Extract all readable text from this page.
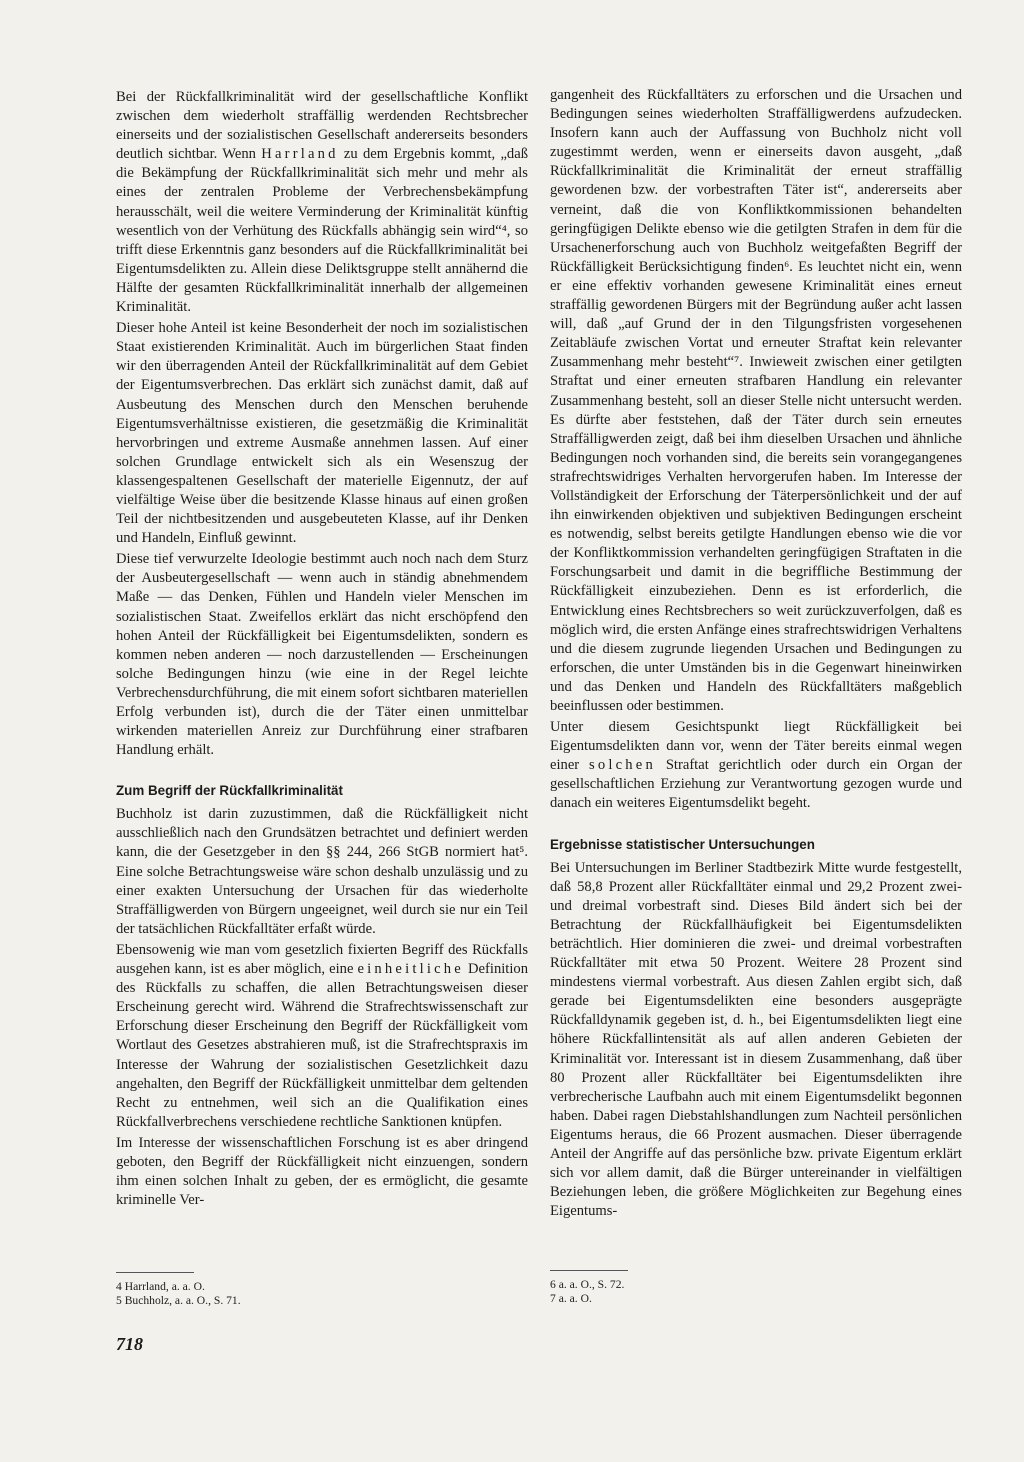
Bei der Rückfallkriminalität wird der gesellschaftliche Konflikt zwischen dem wiederholt straffällig werdenden Rechtsbrecher einerseits und der sozialistischen Gesellschaft andererseits besonders deutlich sichtbar. Wenn Harrland zu dem Ergebnis kommt, „daß die Bekämpfung der Rückfallkriminalität sich mehr und mehr als eines der zentralen Probleme der Verbrechensbekämpfung herausschält, weil die weitere Verminderung der Kriminalität künftig wesentlich von der Verhütung des Rückfalls abhängig sein wird“⁴, so trifft diese Erkenntnis ganz besonders auf die Rückfallkriminalität bei Eigentumsdelikten zu. Allein diese Deliktsgruppe stellt annähernd die Hälfte der gesamten Rückfallkriminalität innerhalb der allgemeinen Kriminalität.

Dieser hohe Anteil ist keine Besonderheit der noch im sozialistischen Staat existierenden Kriminalität. Auch im bürgerlichen Staat finden wir den überragenden Anteil der Rückfallkriminalität auf dem Gebiet der Eigentumsverbrechen. Das erklärt sich zunächst damit, daß auf Ausbeutung des Menschen durch den Menschen beruhende Eigentumsverhältnisse existieren, die gesetzmäßig die Kriminalität hervorbringen und extreme Ausmaße annehmen lassen. Auf einer solchen Grundlage entwickelt sich als ein Wesenszug der klassengespaltenen Gesellschaft der materielle Eigennutz, der auf vielfältige Weise über die besitzende Klasse hinaus auf einen großen Teil der nichtbesitzenden und ausgebeuteten Klasse, auf ihr Denken und Handeln, Einfluß gewinnt.

Diese tief verwurzelte Ideologie bestimmt auch noch nach dem Sturz der Ausbeutergesellschaft — wenn auch in ständig abnehmendem Maße — das Denken, Fühlen und Handeln vieler Menschen im sozialistischen Staat. Zweifellos erklärt das nicht erschöpfend den hohen Anteil der Rückfälligkeit bei Eigentumsdelikten, sondern es kommen neben anderen — noch darzustellenden — Erscheinungen solche Bedingungen hinzu (wie eine in der Regel leichte Verbrechensdurchführung, die mit einem sofort sichtbaren materiellen Erfolg verbunden ist), durch die der Täter einen unmittelbar wirkenden materiellen Anreiz zur Durchführung einer strafbaren Handlung erhält.

Zum Begriff der Rückfallkriminalität

Buchholz ist darin zuzustimmen, daß die Rückfälligkeit nicht ausschließlich nach den Grundsätzen betrachtet und definiert werden kann, die der Gesetzgeber in den §§ 244, 266 StGB normiert hat⁵. Eine solche Betrachtungsweise wäre schon deshalb unzulässig und zu einer exakten Untersuchung der Ursachen für das wiederholte Straffälligwerden von Bürgern ungeeignet, weil durch sie nur ein Teil der tatsächlichen Rückfalltäter erfaßt würde.

Ebensowenig wie man vom gesetzlich fixierten Begriff des Rückfalls ausgehen kann, ist es aber möglich, eine einheitliche Definition des Rückfalls zu schaffen, die allen Betrachtungsweisen dieser Erscheinung gerecht wird. Während die Strafrechtswissenschaft zur Erforschung dieser Erscheinung den Begriff der Rückfälligkeit vom Wortlaut des Gesetzes abstrahieren muß, ist die Strafrechtspraxis im Interesse der Wahrung der sozialistischen Gesetzlichkeit dazu angehalten, den Begriff der Rückfälligkeit unmittelbar dem geltenden Recht zu entnehmen, weil sich an die Qualifikation eines Rückfallverbrechens verschiedene rechtliche Sanktionen knüpfen.

Im Interesse der wissenschaftlichen Forschung ist es aber dringend geboten, den Begriff der Rückfälligkeit nicht einzuengen, sondern ihm einen solchen Inhalt zu geben, der es ermöglicht, die gesamte kriminelle Ver-

4 Harrland, a. a. O.
5 Buchholz, a. a. O., S. 71.

gangenheit des Rückfalltäters zu erforschen und die Ursachen und Bedingungen seines wiederholten Straffälligwerdens aufzudecken. Insofern kann auch der Auffassung von Buchholz nicht voll zugestimmt werden, wenn er einerseits davon ausgeht, „daß Rückfallkriminalität die Kriminalität der erneut straffällig gewordenen bzw. der vorbestraften Täter ist“, andererseits aber verneint, daß die von Konfliktkommissionen behandelten geringfügigen Delikte ebenso wie die getilgten Strafen in dem für die Ursachenerforschung auch von Buchholz weitgefaßten Begriff der Rückfälligkeit Berücksichtigung finden⁶. Es leuchtet nicht ein, wenn er eine effektiv vorhanden gewesene Kriminalität eines erneut straffällig gewordenen Bürgers mit der Begründung außer acht lassen will, daß „auf Grund der in den Tilgungsfristen vorgesehenen Zeitabläufe zwischen Vortat und erneuter Straftat kein relevanter Zusammenhang mehr besteht“⁷. Inwieweit zwischen einer getilgten Straftat und einer erneuten strafbaren Handlung ein relevanter Zusammenhang besteht, soll an dieser Stelle nicht untersucht werden. Es dürfte aber feststehen, daß der Täter durch sein erneutes Straffälligwerden zeigt, daß bei ihm dieselben Ursachen und ähnliche Bedingungen noch vorhanden sind, die bereits sein vorangegangenes strafrechtswidriges Verhalten hervorgerufen haben. Im Interesse der Vollständigkeit der Erforschung der Täterpersönlichkeit und der auf ihn einwirkenden objektiven und subjektiven Bedingungen erscheint es notwendig, selbst bereits getilgte Handlungen ebenso wie die vor der Konfliktkommission verhandelten geringfügigen Straftaten in die Forschungsarbeit und damit in die begriffliche Bestimmung der Rückfälligkeit einzubeziehen. Denn es ist erforderlich, die Entwicklung eines Rechtsbrechers so weit zurückzuverfolgen, daß es möglich wird, die ersten Anfänge eines strafrechtswidrigen Verhaltens und die diesem zugrunde liegenden Ursachen und Bedingungen zu erforschen, die unter Umständen bis in die Gegenwart hineinwirken und das Denken und Handeln des Rückfalltäters maßgeblich beeinflussen oder bestimmen.

Unter diesem Gesichtspunkt liegt Rückfälligkeit bei Eigentumsdelikten dann vor, wenn der Täter bereits einmal wegen einer solchen Straftat gerichtlich oder durch ein Organ der gesellschaftlichen Erziehung zur Verantwortung gezogen wurde und danach ein weiteres Eigentumsdelikt begeht.

Ergebnisse statistischer Untersuchungen

Bei Untersuchungen im Berliner Stadtbezirk Mitte wurde festgestellt, daß 58,8 Prozent aller Rückfalltäter einmal und 29,2 Prozent zwei- und dreimal vorbestraft sind. Dieses Bild ändert sich bei der Betrachtung der Rückfallhäufigkeit bei Eigentumsdelikten beträchtlich. Hier dominieren die zwei- und dreimal vorbestraften Rückfalltäter mit etwa 50 Prozent. Weitere 28 Prozent sind mindestens viermal vorbestraft. Aus diesen Zahlen ergibt sich, daß gerade bei Eigentumsdelikten eine besonders ausgeprägte Rückfalldynamik gegeben ist, d. h., bei Eigentumsdelikten liegt eine höhere Rückfallintensität als auf allen anderen Gebieten der Kriminalität vor. Interessant ist in diesem Zusammenhang, daß über 80 Prozent aller Rückfalltäter bei Eigentumsdelikten ihre verbrecherische Laufbahn auch mit einem Eigentumsdelikt begonnen haben. Dabei ragen Diebstahlshandlungen zum Nachteil persönlichen Eigentums heraus, die 66 Prozent ausmachen. Dieser überragende Anteil der Angriffe auf das persönliche bzw. private Eigentum erklärt sich vor allem damit, daß die Bürger untereinander in vielfältigen Beziehungen leben, die größere Möglichkeiten zur Begehung eines Eigentums-

6 a. a. O., S. 72.
7 a. a. O.
718
